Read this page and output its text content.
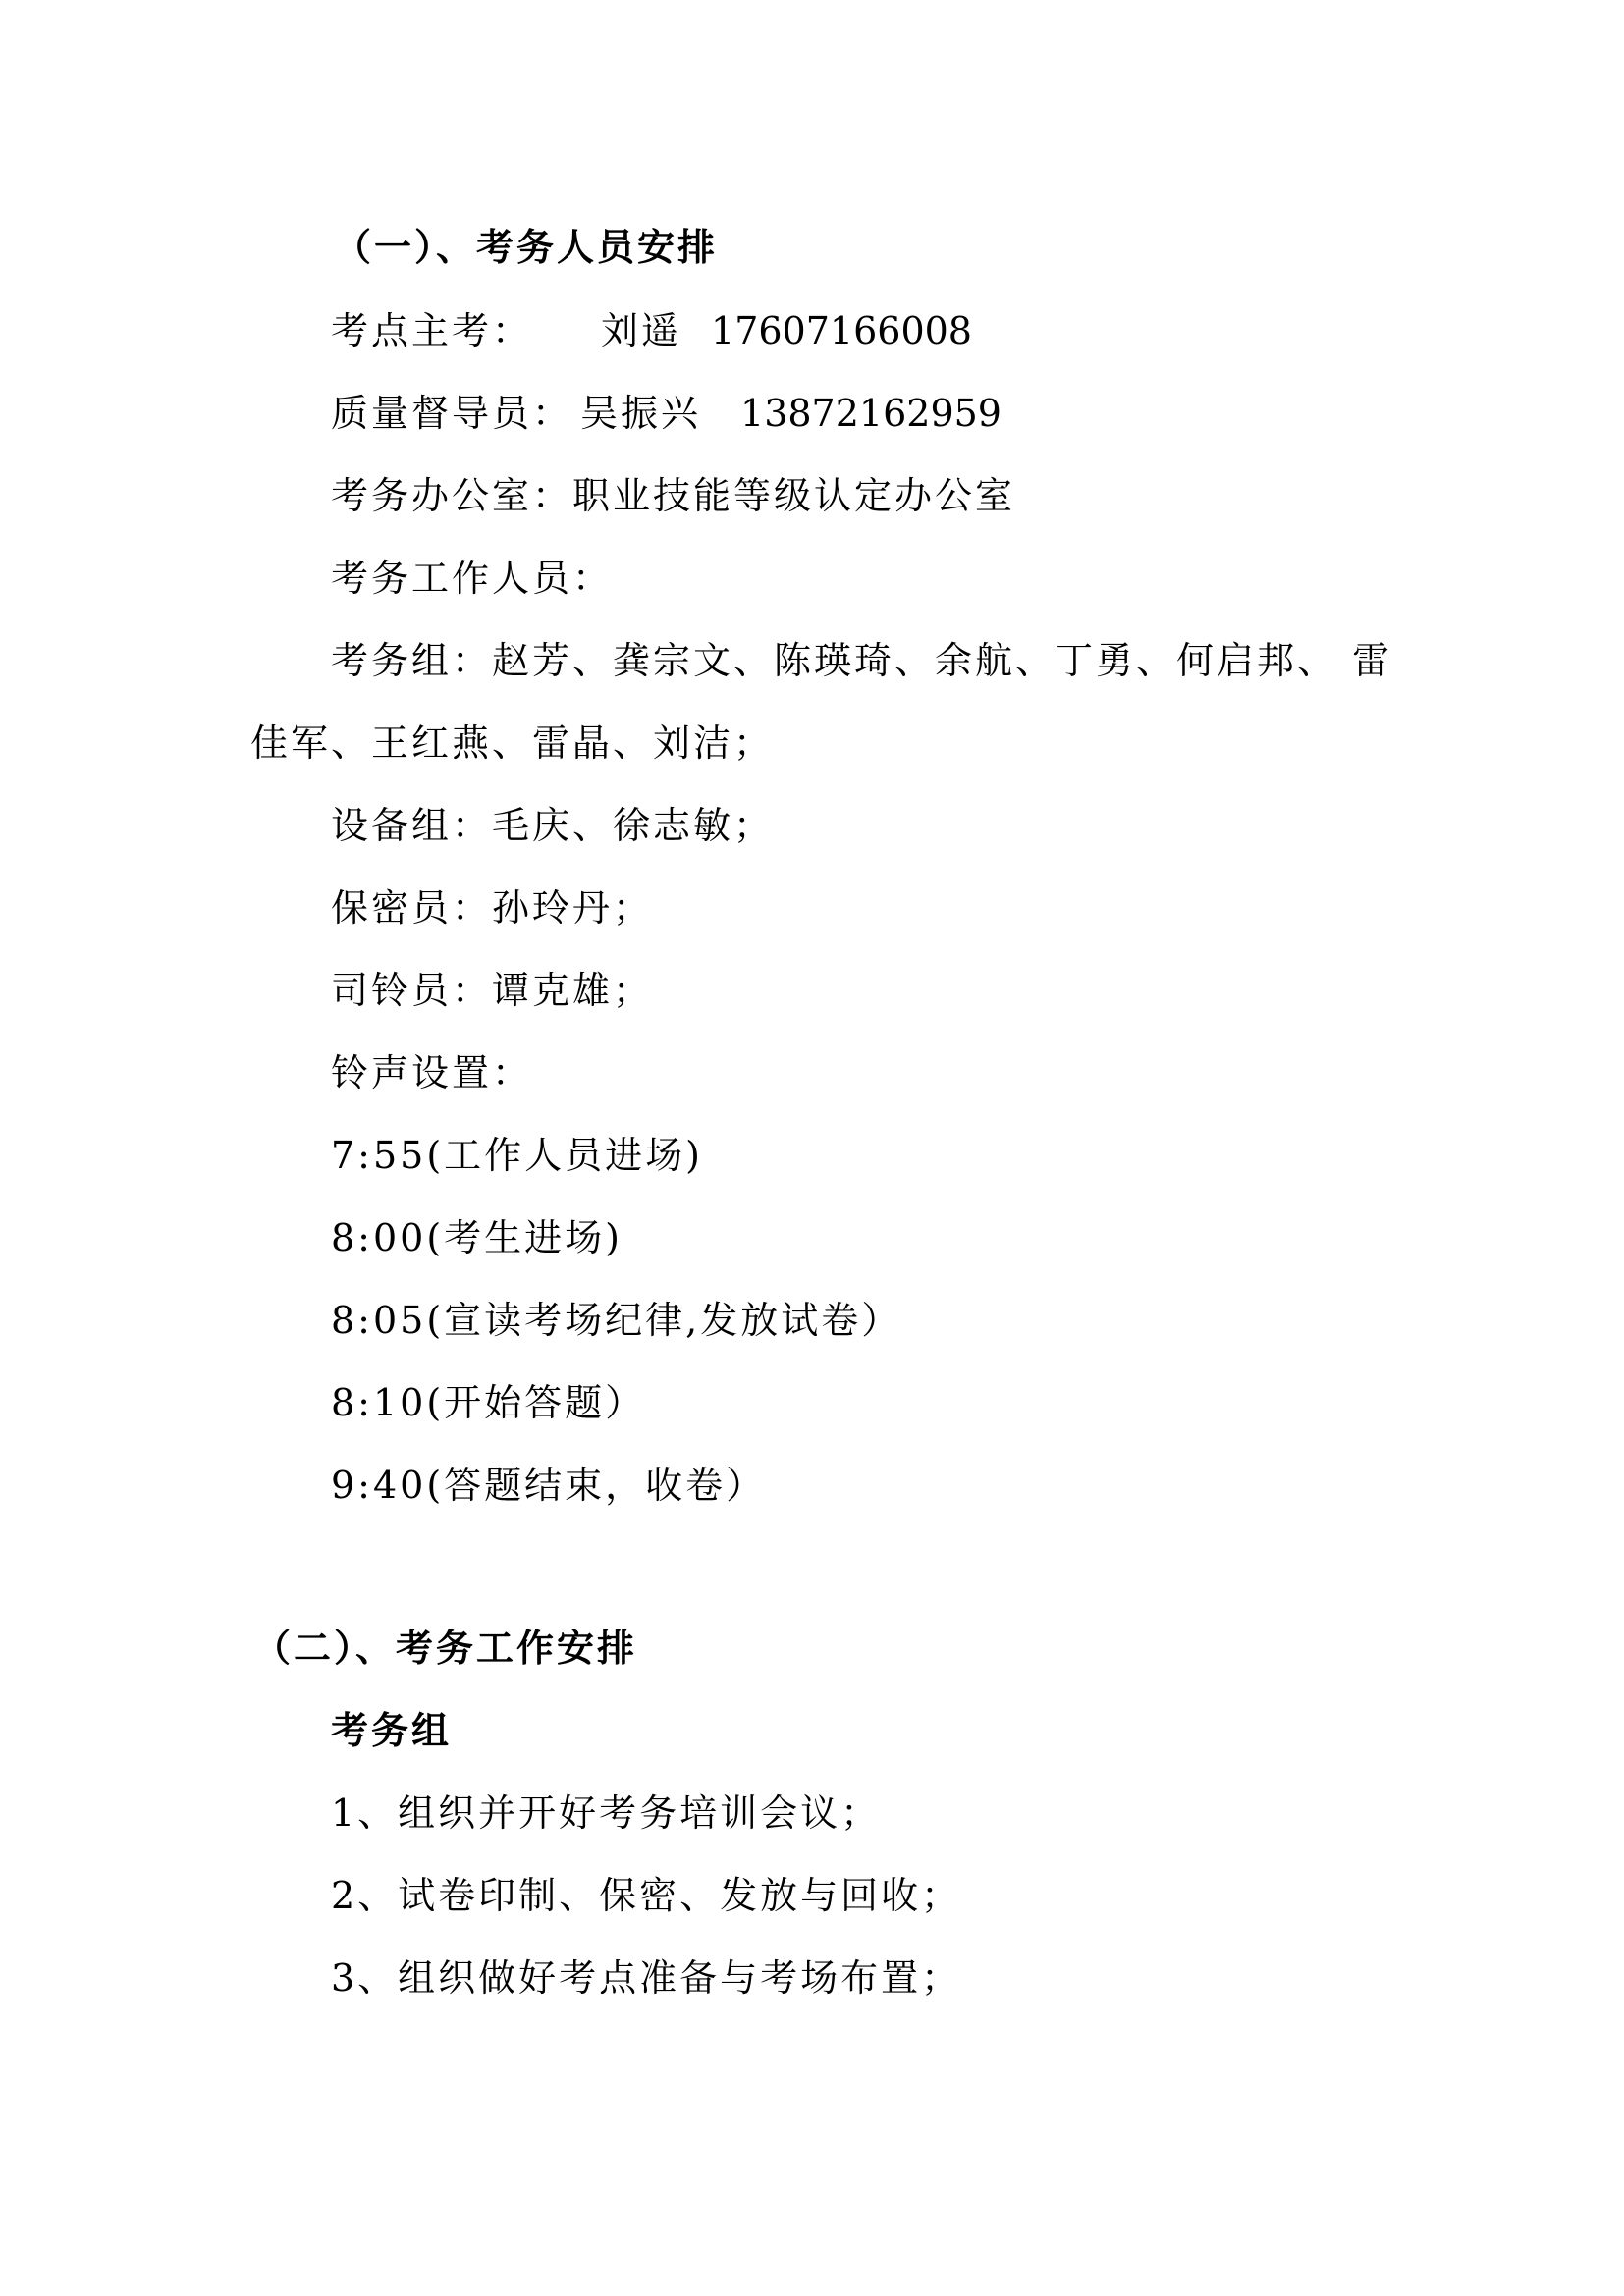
（一）、考务人员安排
考点主考： 刘遥 17607166008
质量督导员： 吴振兴 13872162959
考务办公室：职业技能等级认定办公室
考务工作人员：
考务组：赵芳、龚宗文、陈瑛琦、余航、丁勇、何启邦、 雷
佳军、王红燕、雷晶、刘洁；
设备组：毛庆、徐志敏；
保密员：孙玲丹；
司铃员：谭克雄；
铃声设置：
7:55(工作人员进场)
8:00(考生进场)
8:05(宣读考场纪律,发放试卷）
8:10(开始答题）
9:40(答题结束，收卷）
（二）、考务工作安排
考务组
1、组织并开好考务培训会议；
2、试卷印制、保密、发放与回收；
3、组织做好考点准备与考场布置；
